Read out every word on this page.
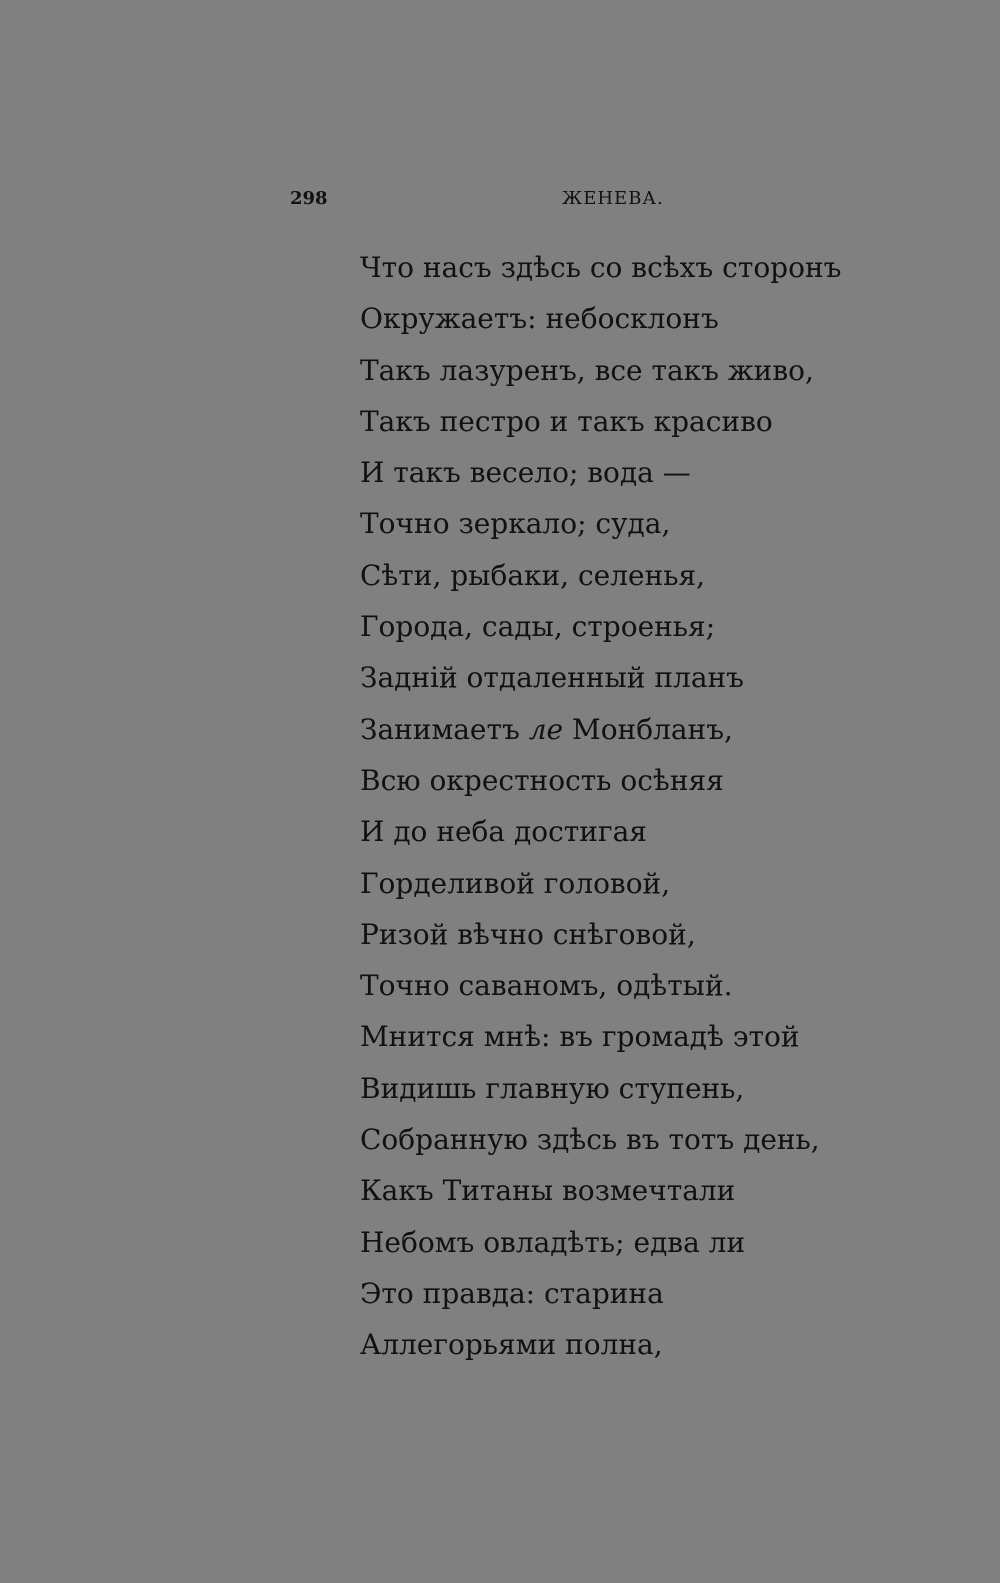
298	ЖЕНЕВА.
Что насъ здѣсь со всѣхъ сторонъ
Окружаетъ: небосклонъ
Такъ лазуренъ, все такъ живо,
Такъ пестро и такъ красиво
И такъ весело; вода —
Точно зеркало; суда,
Сѣти, рыбаки, селенья,
Города, сады, строенья;
Заднiй отдаленный планъ
Занимаетъ ле Монбланъ,
Всю окрестность осѣняя
И до неба достигая
Горделивой головой,
Ризой вѣчно снѣговой,
Точно саваномъ, одѣтый.
Мнится мнѣ: въ громадѣ этой
Видишь главную ступень,
Собранную здѣсь въ тотъ день,
Какъ Титаны возмечтали
Небомъ овладѣть; едва ли
Это правда: старина
Аллегорьями полна,
